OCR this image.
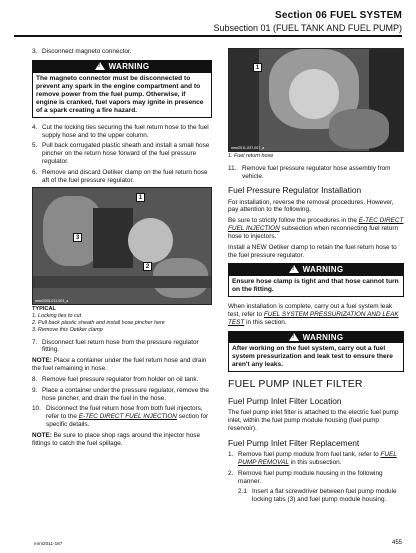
Section 06 FUEL SYSTEM
Subsection 01 (FUEL TANK AND FUEL PUMP)
3. Disconnect magneto connector.
!WARNING
The magneto connector must be disconnected to prevent any spark in the engine compartment and to remove power from the fuel pump. Otherwise, if engine is cranked, fuel vapors may ignite in presence of a spark creating a fire hazard.
4. Cut the locking ties securing the fuel return hose to the fuel supply hose and to the upper column.
5. Pull back corrugated plastic sheath and install a small hose pincher on the return hose forward of the fuel pressure regulator.
6. Remove and discard Oetiker clamp on the fuel return hose aft of the fuel pressure regulator.
1
2
3
mmr2005-011-003_a
TYPICAL
1. Locking ties to cut
2. Pull back plastic sheath and install hose pincher here
3. Remove this Oetiker clamp
7. Disconnect fuel return hose from the pressure regulator fitting.

NOTE: Place a container under the fuel return hose and drain the fuel remaining in hose.

8. Remove fuel pressure regulator from holder on oil tank.
9. Place a container under the pressure regulator, remove the hose pincher, and drain the fuel in the hose.
10. Disconnect the fuel return hose from both fuel injectors, refer to the E-TEC DIRECT FUEL INJECTION section for specific details.

NOTE: Be sure to place shop rags around the injector hose fittings to catch the fuel spillage.

1
mmr2011-037-007_a
1. Fuel return hose
11. Remove fuel pressure regulator hose assembly from vehicle.
Fuel Pressure Regulator Installation

For installation, reverse the removal procedures. However, pay attention to the following.

Be sure to strictly follow the procedures in the E-TEC DIRECT FUEL INJECTION subsection when reconnecting fuel return hose to injectors.

Install a NEW Oetiker clamp to retain the fuel return hose to the fuel pressure regulator.

!WARNING
Ensure hose clamp is tight and that hose cannot turn on the fitting.

When installation is complete, carry out a fuel system leak test, refer to FUEL SYSTEM PRESSURIZATION AND LEAK TEST in this section.

!WARNING
After working on the fuel system, carry out a fuel system pressurization and leak test to ensure there aren't any leaks.
FUEL PUMP INLET FILTER
Fuel Pump Inlet Filter Location

The fuel pump inlet filter is attached to the electric fuel pump inlet, within the fuel pump module housing (fuel pump reservoir).

Fuel Pump Inlet Filter Replacement
1. Remove fuel pump module from fuel tank, refer to FUEL PUMP REMOVAL in this subsection.
2. Remove fuel pump module housing in the following manner.
2.1 Insert a flat screwdriver between fuel pump module locking tabs (3) and fuel pump module housing.
mmr2011-187	455
